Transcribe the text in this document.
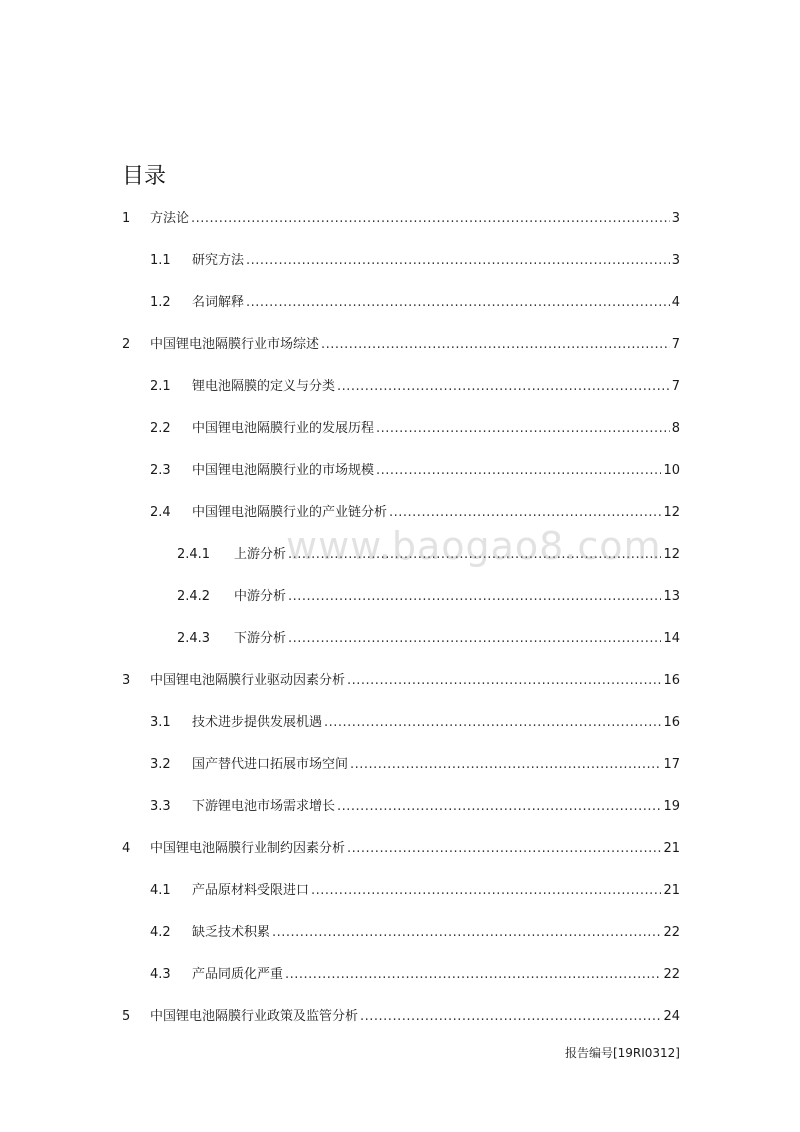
目录
1 方法论 .....	3
1.1 研究方法 .....	3
1.2 名词解释 .....	4
2 中国锂电池隔膜行业市场综述 .....	7
2.1 锂电池隔膜的定义与分类 .....	7
2.2 中国锂电池隔膜行业的发展历程 .....	8
2.3 中国锂电池隔膜行业的市场规模 .....	10
2.4 中国锂电池隔膜行业的产业链分析 .....	12
2.4.1 上游分析 .....	12
2.4.2 中游分析 .....	13
2.4.3 下游分析 .....	14
3 中国锂电池隔膜行业驱动因素分析 .....	16
3.1 技术进步提供发展机遇 .....	16
3.2 国产替代进口拓展市场空间 .....	17
3.3 下游锂电池市场需求增长 .....	19
4 中国锂电池隔膜行业制约因素分析 .....	21
4.1 产品原材料受限进口 .....	21
4.2 缺乏技术积累 .....	22
4.3 产品同质化严重 .....	22
5 中国锂电池隔膜行业政策及监管分析 .....	24
www.baogao8.com
报告编号[19RI0312]
